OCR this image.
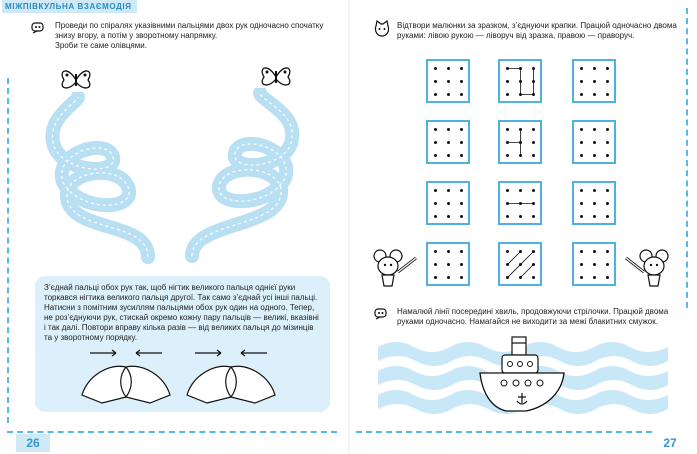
МІЖПІВКУЛЬНА ВЗАЄМОДІЯ
Проведи по спіралях указівними пальцями двох рук одночасно спочатку знизу вгору, а потім у зворотному напрямку.
Зроби те саме олівцями.
З’єднай пальці обох рук так, щоб нігтик великого пальця однієї руки торкався нігтика великого пальця другої. Так само з’єднай усі інші пальці. Натисни з помітним зусиллям пальцями обох рук один на одного. Тепер, не роз’єднуючи рук, стискай окремо кожну пару пальців — великі, вказівні і так далі. Повтори вправу кілька разів — від великих пальця до мізинців та у зворотному порядку.
26
Відтвори малюнки за зразком, з’єднуючи крапки. Працюй одночасно двома руками: лівою рукою — ліворуч від зразка, правою — праворуч.
Намалюй лінії посередині хвиль, продовжуючи стрілочки. Працюй двома руками одночасно. Намагайся не виходити за межі блакитних смужок.
27
